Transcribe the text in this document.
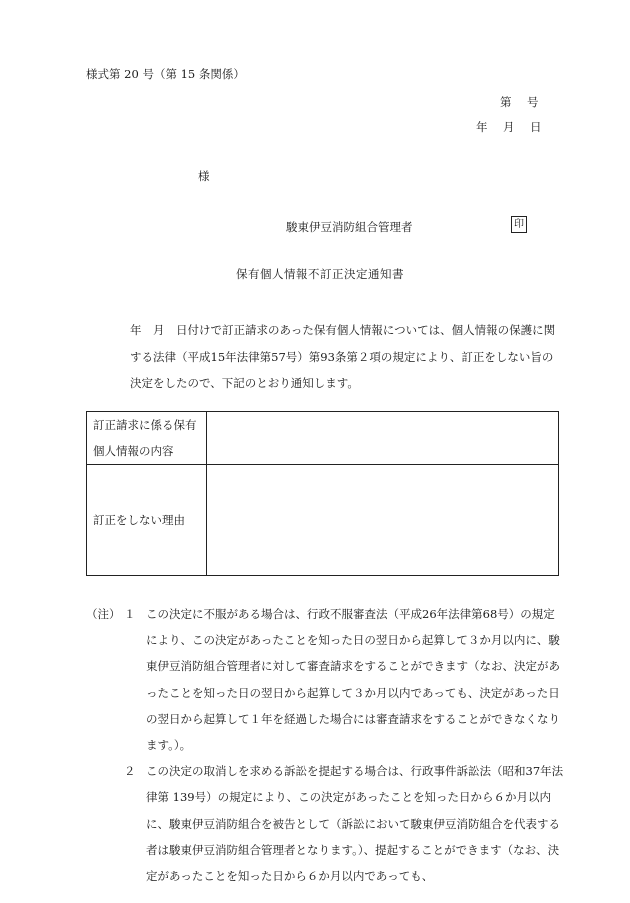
様式第 20 号（第 15 条関係）
第　号
年　月　日
様
駿東伊豆消防組合管理者	印
保有個人情報不訂正決定通知書

年　月　日付けで訂正請求のあった保有個人情報については、個人情報の保護に関する法律（平成15年法律第57号）第93条第２項の規定により、訂正をしない旨の決定をしたので、下記のとおり通知します。

訂正請求に係る保有個人情報の内容	
訂正をしない理由	
（注） １ この決定に不服がある場合は、行政不服審査法（平成26年法律第68号）の規定により、この決定があったことを知った日の翌日から起算して３か月以内に、駿東伊豆消防組合管理者に対して審査請求をすることができます（なお、決定があったことを知った日の翌日から起算して３か月以内であっても、決定があった日の翌日から起算して１年を経過した場合には審査請求をすることができなくなります。）。
２ この決定の取消しを求める訴訟を提起する場合は、行政事件訴訟法（昭和37年法律第 139号）の規定により、この決定があったことを知った日から６か月以内に、駿東伊豆消防組合を被告として（訴訟において駿東伊豆消防組合を代表する者は駿東伊豆消防組合管理者となります。）、提起することができます（なお、決定があったことを知った日から６か月以内であっても、
